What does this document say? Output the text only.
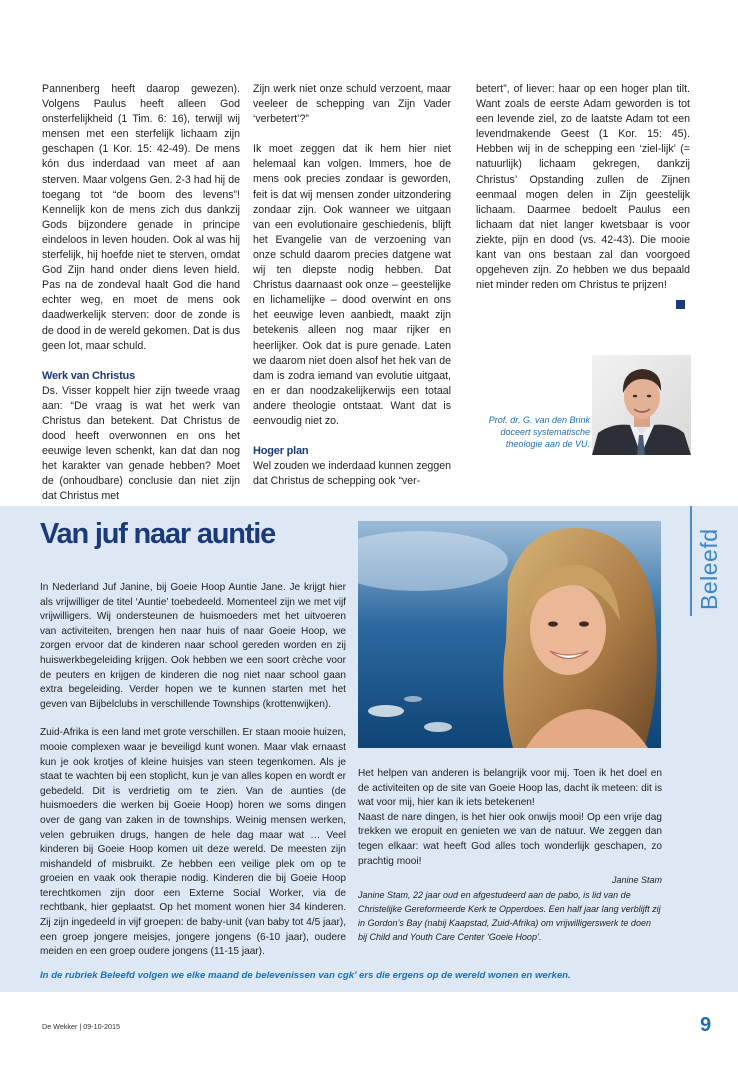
Pannenberg heeft daarop gewezen). Volgens Paulus heeft alleen God onsterfelijkheid (1 Tim. 6: 16), terwijl wij mensen met een sterfelijk lichaam zijn geschapen (1 Kor. 15: 42-49). De mens kón dus inderdaad van meet af aan sterven. Maar volgens Gen. 2-3 had hij de toegang tot “de boom des levens”! Kennelijk kon de mens zich dus dankzij Gods bijzondere genade in principe eindeloos in leven houden. Ook al was hij sterfelijk, hij hoefde niet te sterven, omdat God Zijn hand onder diens leven hield. Pas na de zondeval haalt God die hand echter weg, en moet de mens ook daadwerkelijk sterven: door de zonde is de dood in de wereld gekomen. Dat is dus geen lot, maar schuld.

Werk van Christus

Ds. Visser koppelt hier zijn tweede vraag aan: “De vraag is wat het werk van Christus dan betekent. Dat Christus de dood heeft overwonnen en ons het eeuwige leven schenkt, kan dat dan nog het karakter van genade hebben? Moet de (onhoudbare) conclusie dan niet zijn dat Christus met

Zijn werk niet onze schuld verzoent, maar veeleer de schepping van Zijn Vader ‘verbetert’?”

Ik moet zeggen dat ik hem hier niet helemaal kan volgen. Immers, hoe de mens ook precies zondaar is geworden, feit is dat wij mensen zonder uitzondering zondaar zijn. Ook wanneer we uitgaan van een evolutionaire geschiedenis, blijft het Evangelie van de verzoening van onze schuld daarom precies datgene wat wij ten diepste nodig hebben. Dat Christus daarnaast ook onze – geestelijke en lichamelijke – dood overwint en ons het eeuwige leven aanbiedt, maakt zijn betekenis alleen nog maar rijker en heerlijker. Ook dat is pure genade. Laten we daarom niet doen alsof het hek van de dam is zodra iemand van evolutie uitgaat, en er dan noodzakelijkerwijs een totaal andere theologie ontstaat. Want dat is eenvoudig niet zo.

Hoger plan

Wel zouden we inderdaad kunnen zeggen dat Christus de schepping ook “ver-

betert”, of liever: haar op een hoger plan tilt. Want zoals de eerste Adam geworden is tot een levende ziel, zo de laatste Adam tot een levendmakende Geest (1 Kor. 15: 45). Hebben wij in de schepping een ‘ziel-lijk’ (= natuurlijk) lichaam gekregen, dankzij Christus’ Opstanding zullen de Zijnen eenmaal mogen delen in Zijn geestelijk lichaam. Daarmee bedoelt Paulus een lichaam dat niet langer kwetsbaar is voor ziekte, pijn en dood (vs. 42-43). Die mooie kant van ons bestaan zal dan voorgoed opgeheven zijn. Zo hebben we dus bepaald niet minder reden om Christus te prijzen!

Prof. dr. G. van den Brink doceert systematische theologie aan de VU.
Beleefd
Van juf naar auntie

In Nederland Juf Janine, bij Goeie Hoop Auntie Jane. Je krijgt hier als vrijwilliger de titel ‘Auntie’ toebedeeld. Momenteel zijn we met vijf vrijwilligers. Wij ondersteunen de huismoeders met het uitvoeren van activiteiten, brengen hen naar huis of naar Goeie Hoop, we zorgen ervoor dat de kinderen naar school gereden worden en zij huiswerkbegeleiding krijgen. Ook hebben we een soort crèche voor de peuters en krijgen de kinderen die nog niet naar school gaan extra begeleiding. Verder hopen we te kunnen starten met het geven van Bijbelclubs in verschillende Townships (krottenwijken).

Zuid-Afrika is een land met grote verschillen. Er staan mooie huizen, mooie complexen waar je beveiligd kunt wonen. Maar vlak ernaast kun je ook krotjes of kleine huisjes van steen tegenkomen. Als je staat te wachten bij een stoplicht, kun je van alles kopen en wordt er gebedeld. Dit is verdrietig om te zien. Van de aunties (de huismoeders die werken bij Goeie Hoop) horen we soms dingen over de gang van zaken in de townships. Weinig mensen werken, velen gebruiken drugs, hangen de hele dag maar wat … Veel kinderen bij Goeie Hoop komen uit deze wereld. De meesten zijn mishandeld of misbruikt. Ze hebben een veilige plek om op te groeien en vaak ook therapie nodig. Kinderen die bij Goeie Hoop terechtkomen zijn door een Externe Social Worker, via de rechtbank, hier geplaatst. Op het moment wonen hier 34 kinderen. Zij zijn ingedeeld in vijf groepen: de baby-unit (van baby tot 4/5 jaar), een groep jongere meisjes, jongere jongens (6-10 jaar), oudere meiden en een groep oudere jongens (11-15 jaar).

Het helpen van anderen is belangrijk voor mij. Toen ik het doel en de activiteiten op de site van Goeie Hoop las, dacht ik meteen: dit is wat voor mij, hier kan ik iets betekenen!

Naast de nare dingen, is het hier ook onwijs mooi! Op een vrije dag trekken we eropuit en genieten we van de natuur. We zeggen dan tegen elkaar: wat heeft God alles toch wonderlijk geschapen, zo prachtig mooi!

Janine Stam

Janine Stam, 22 jaar oud en afgestudeerd aan de pabo, is lid van de Christelijke Gereformeerde Kerk te Opperdoes. Een half jaar lang verblijft zij in Gordon’s Bay (nabij Kaapstad, Zuid-Afrika) om vrijwilligerswerk te doen bij Child and Youth Care Center ‘Goeie Hoop’.

In de rubriek Beleefd volgen we elke maand de belevenissen van cgk’ ers die ergens op de wereld wonen en werken.
De Wekker | 09-10-2015	9
